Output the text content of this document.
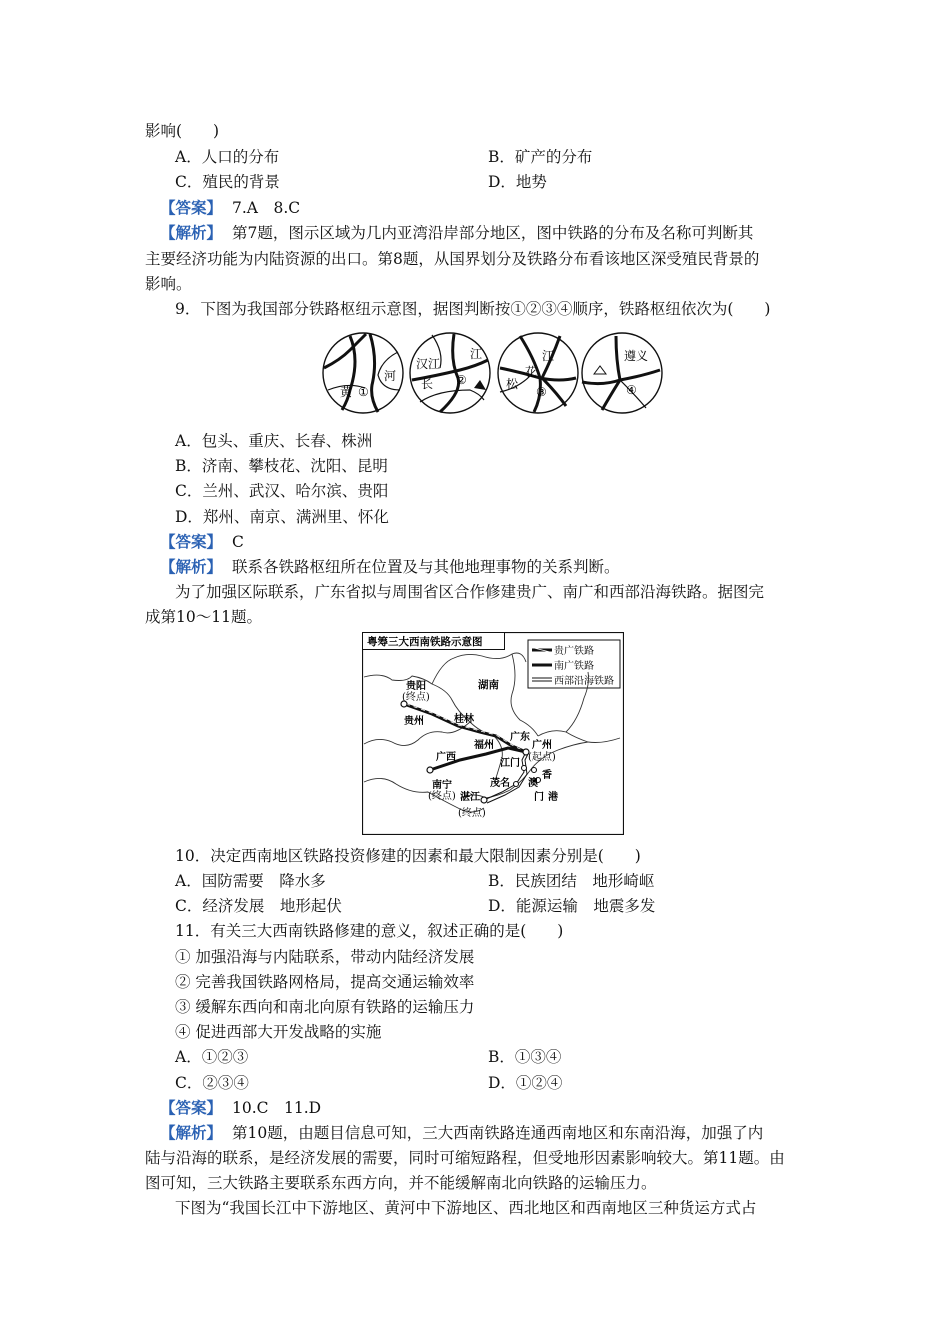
影响(　　)
A．人口的分布	B．矿产的分布
C．殖民的背景	D．地势
【答案】 7.A　8.C
【解析】 第7题，图示区域为几内亚湾沿岸部分地区，图中铁路的分布及名称可判断其
主要经济功能为内陆资源的出口。第8题，从国界划分及铁路分布看该地区深受殖民背景的
影响。
9．下图为我国部分铁路枢纽示意图，据图判断按①②③④顺序，铁路枢纽依次为(　　)
黄 ①
河
汉江
江
长 ②
江
松
花
③
遵义
④
A．包头、重庆、长春、株洲
B．济南、攀枝花、沈阳、昆明
C．兰州、武汉、哈尔滨、贵阳
D．郑州、南京、满洲里、怀化
【答案】 C
【解析】 联系各铁路枢纽所在位置及与其他地理事物的关系判断。
为了加强区际联系，广东省拟与周围省区合作修建贵广、南广和西部沿海铁路。据图完
成第10～11题。
粤筹三大西南铁路示意图
贵广铁路
南广铁路
西部沿海铁路
湖南
贵阳
(终点)
贵州	桂林
广东
广州
(起点)
广西
福州
江门
香
港
澳
门
南宁
(终点)
茂名
湛江
(终点)
10．决定西南地区铁路投资修建的因素和最大限制因素分别是(　　)
A．国防需要　降水多	B．民族团结　地形崎岖
C．经济发展　地形起伏	D．能源运输　地震多发
11．有关三大西南铁路修建的意义，叙述正确的是(　　)
① 加强沿海与内陆联系，带动内陆经济发展
② 完善我国铁路网格局，提高交通运输效率
③ 缓解东西向和南北向原有铁路的运输压力
④ 促进西部大开发战略的实施
A．①②③	B．①③④
C．②③④	D．①②④
【答案】 10.C　11.D
【解析】 第10题，由题目信息可知，三大西南铁路连通西南地区和东南沿海，加强了内
陆与沿海的联系，是经济发展的需要，同时可缩短路程，但受地形因素影响较大。第11题。由
图可知，三大铁路主要联系东西方向，并不能缓解南北向铁路的运输压力。
下图为“我国长江中下游地区、黄河中下游地区、西北地区和西南地区三种货运方式占
